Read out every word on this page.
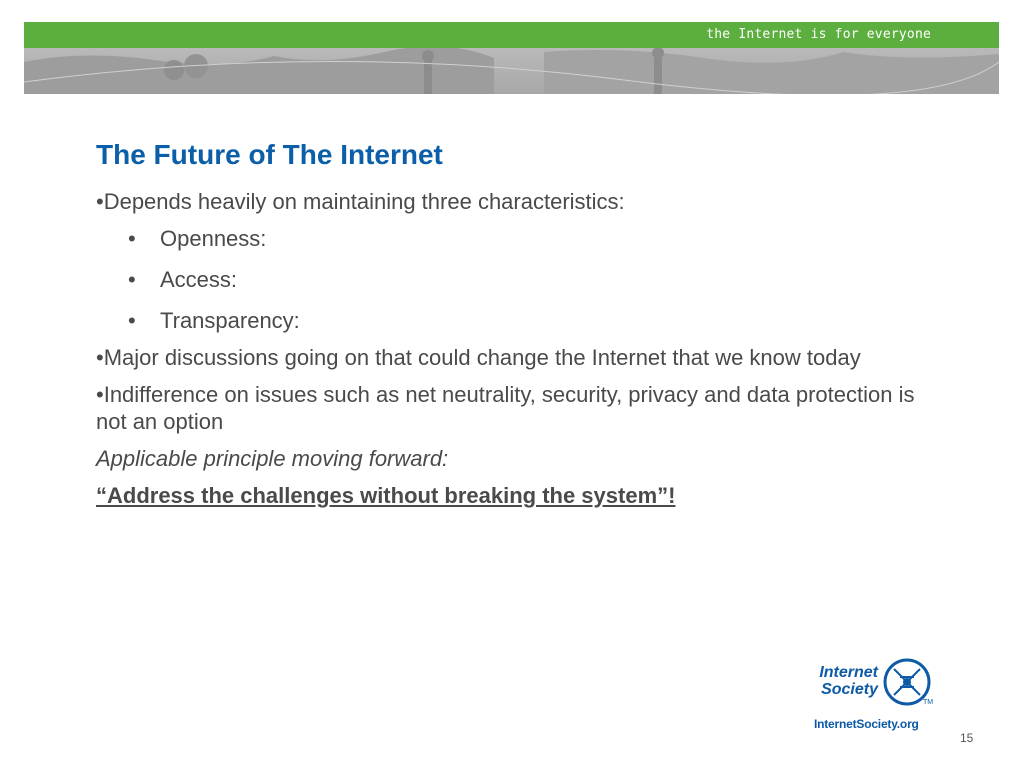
the Internet is for everyone
The Future of The Internet

•Depends heavily on maintaining three characteristics:

• Openness:

• Access:

• Transparency:

•Major discussions going on that could change the Internet that we know today

•Indifference on issues such as net neutrality, security, privacy and data protection is not an option

Applicable principle moving forward:

“Address the challenges without breaking the system”!

Internet
Society
TM
InternetSociety.org
15
